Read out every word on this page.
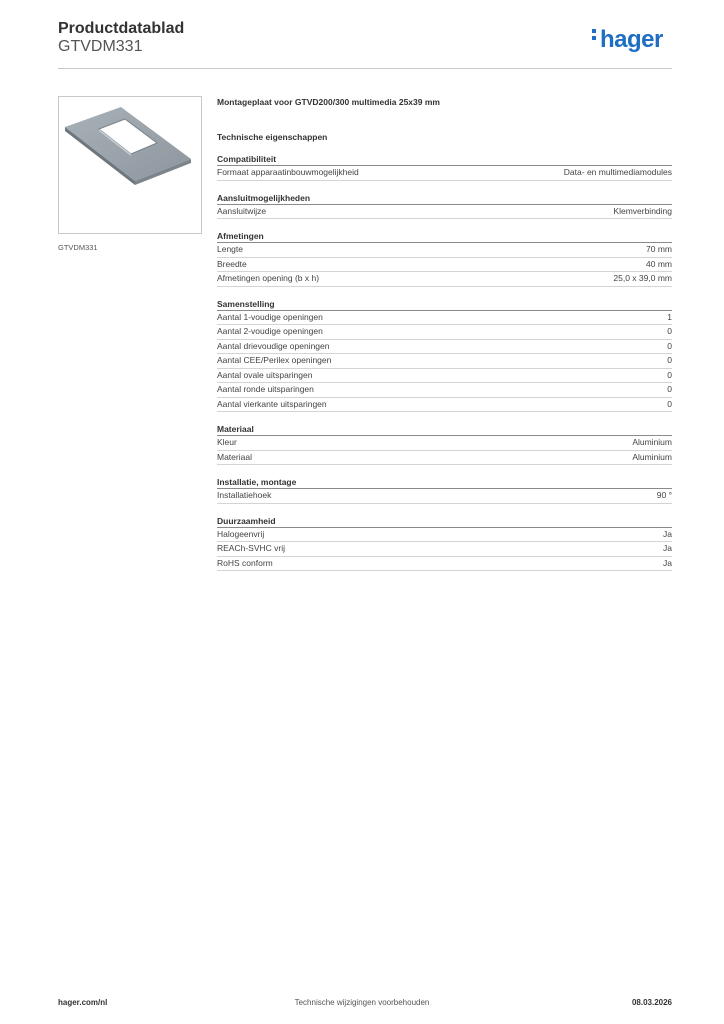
Productdatablad
GTVDM331	hager
GTVDM331
Montageplaat voor GTVD200/300 multimedia 25x39 mm
Technische eigenschappen
Compatibiliteit
Formaat apparaatinbouwmogelijkheid	Data- en multimediamodules
Aansluitmogelijkheden
Aansluitwijze	Klemverbinding
Afmetingen
Lengte	70 mm
Breedte	40 mm
Afmetingen opening (b x h)	25,0 x 39,0 mm
Samenstelling
Aantal 1-voudige openingen	1
Aantal 2-voudige openingen	0
Aantal drievoudige openingen	0
Aantal CEE/Perilex openingen	0
Aantal ovale uitsparingen	0
Aantal ronde uitsparingen	0
Aantal vierkante uitsparingen	0
Materiaal
Kleur	Aluminium
Materiaal	Aluminium
Installatie, montage
Installatiehoek	90 °
Duurzaamheid
Halogeenvrij	Ja
REACh-SVHC vrij	Ja
RoHS conform	Ja
hager.com/nl	Technische wijzigingen voorbehouden	08.03.2026
